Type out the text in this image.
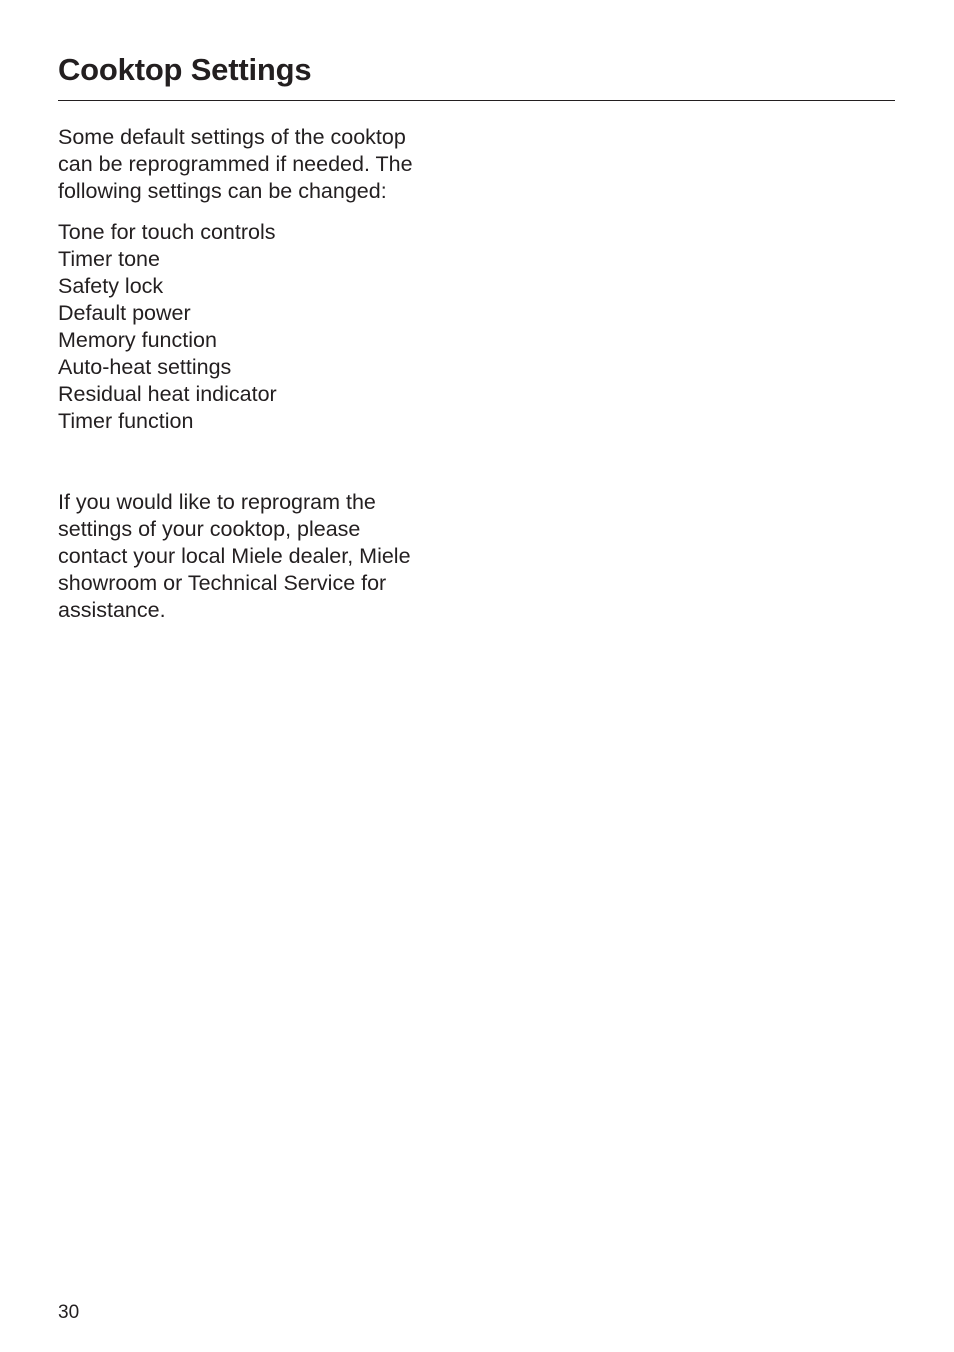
Cooktop Settings

Some default settings of the cooktop
can be reprogrammed if needed. The
following settings can be changed:

Tone for touch controls
Timer tone
Safety lock
Default power
Memory function
Auto-heat settings
Residual heat indicator
Timer function

If you would like to reprogram the
settings of your cooktop, please
contact your local Miele dealer, Miele
showroom or Technical Service for
assistance.

30
